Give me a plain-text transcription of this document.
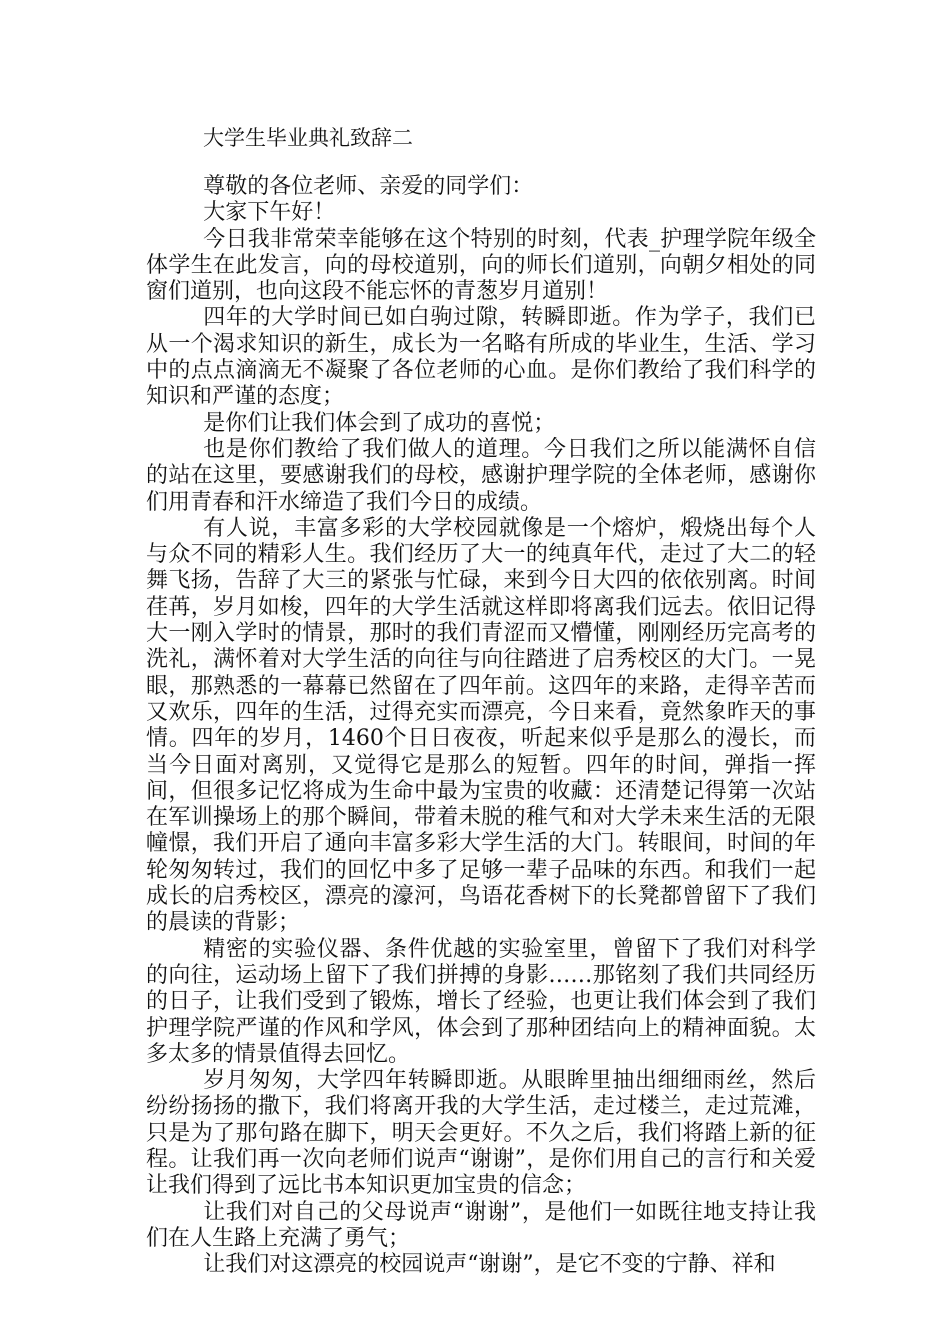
大学生毕业典礼致辞二

尊敬的各位老师、亲爱的同学们：

大家下午好！

今日我非常荣幸能够在这个特别的时刻，代表_护理学院年级全体学生在此发言，向的母校道别，向的师长们道别，向朝夕相处的同窗们道别，也向这段不能忘怀的青葱岁月道别！

四年的大学时间已如白驹过隙，转瞬即逝。作为学子，我们已从一个渴求知识的新生，成长为一名略有所成的毕业生，生活、学习中的点点滴滴无不凝聚了各位老师的心血。是你们教给了我们科学的知识和严谨的态度；

是你们让我们体会到了成功的喜悦；

也是你们教给了我们做人的道理。今日我们之所以能满怀自信的站在这里，要感谢我们的母校，感谢护理学院的全体老师，感谢你们用青春和汗水缔造了我们今日的成绩。

有人说，丰富多彩的大学校园就像是一个熔炉，煅烧出每个人与众不同的精彩人生。我们经历了大一的纯真年代，走过了大二的轻舞飞扬，告辞了大三的紧张与忙碌，来到今日大四的依依别离。时间荏苒，岁月如梭，四年的大学生活就这样即将离我们远去。依旧记得大一刚入学时的情景，那时的我们青涩而又懵懂，刚刚经历完高考的洗礼，满怀着对大学生活的向往与向往踏进了启秀校区的大门。一晃眼，那熟悉的一幕幕已然留在了四年前。这四年的来路，走得辛苦而又欢乐，四年的生活，过得充实而漂亮，今日来看，竟然象昨天的事情。四年的岁月，1460个日日夜夜，听起来似乎是那么的漫长，而当今日面对离别，又觉得它是那么的短暂。四年的时间，弹指一挥间，但很多记忆将成为生命中最为宝贵的收藏：还清楚记得第一次站在军训操场上的那个瞬间，带着未脱的稚气和对大学未来生活的无限幢憬，我们开启了通向丰富多彩大学生活的大门。转眼间，时间的年轮匆匆转过，我们的回忆中多了足够一辈子品味的东西。和我们一起成长的启秀校区，漂亮的濠河，鸟语花香树下的长凳都曾留下了我们的晨读的背影；

精密的实验仪器、条件优越的实验室里，曾留下了我们对科学的向往，运动场上留下了我们拼搏的身影……那铭刻了我们共同经历的日子，让我们受到了锻炼，增长了经验，也更让我们体会到了我们护理学院严谨的作风和学风，体会到了那种团结向上的精神面貌。太多太多的情景值得去回忆。

岁月匆匆，大学四年转瞬即逝。从眼眸里抽出细细雨丝，然后纷纷扬扬的撒下，我们将离开我的大学生活，走过楼兰，走过荒滩，只是为了那句路在脚下，明天会更好。不久之后，我们将踏上新的征程。让我们再一次向老师们说声“谢谢”，是你们用自己的言行和关爱让我们得到了远比书本知识更加宝贵的信念；

让我们对自己的父母说声“谢谢”，是他们一如既往地支持让我们在人生路上充满了勇气；

让我们对这漂亮的校园说声“谢谢”，是它不变的宁静、祥和
